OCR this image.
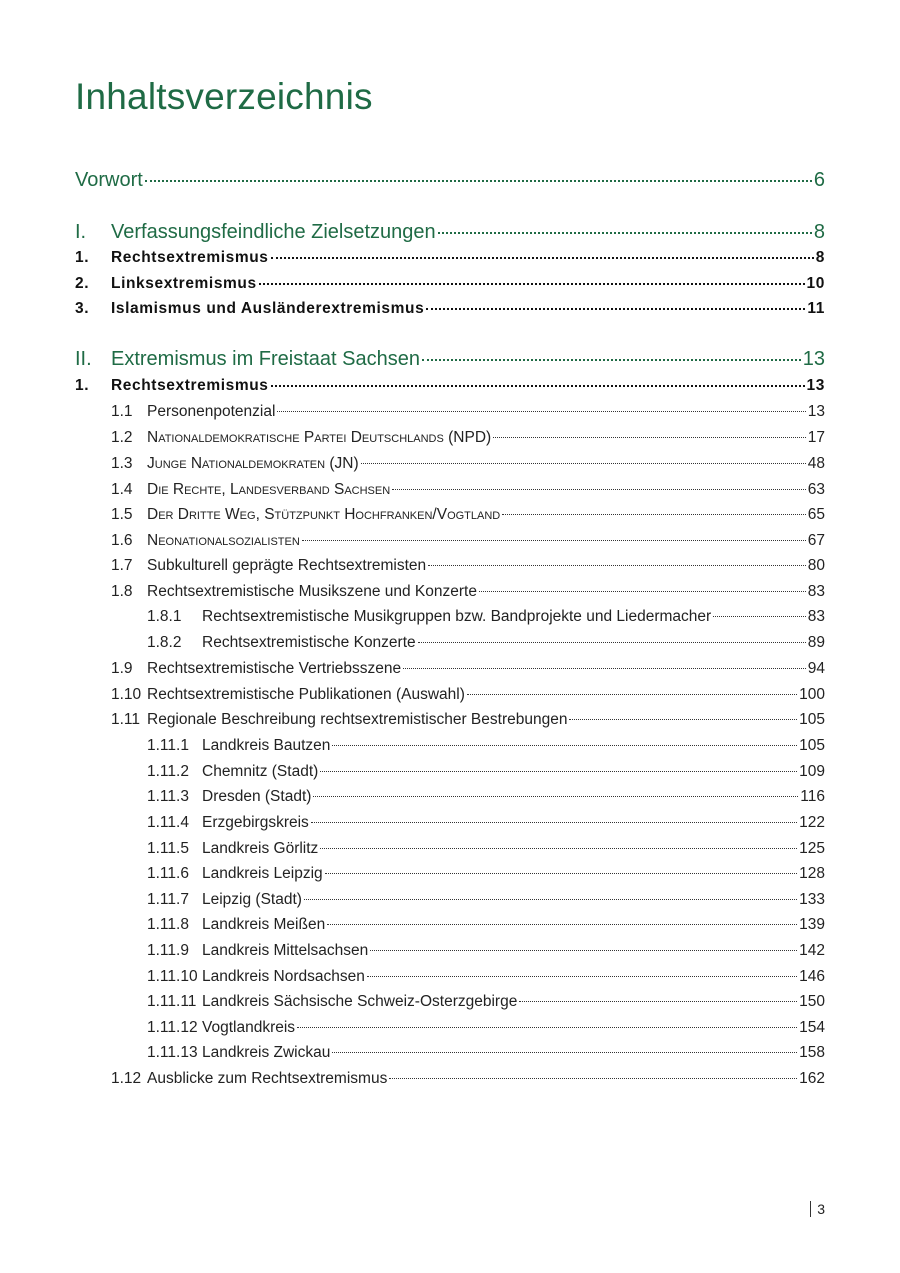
Inhaltsverzeichnis
Vorwort	6
I.	Verfassungsfeindliche Zielsetzungen	8
1.	Rechtsextremismus	8
2.	Linksextremismus	10
3.	Islamismus und Ausländerextremismus	11
II. Extremismus im Freistaat Sachsen	13
1.	Rechtsextremismus	13
1.1 Personenpotenzial	13
1.2 Nationaldemokratische Partei Deutschlands (NPD)	17
1.3 Junge Nationaldemokraten (JN)	48
1.4 Die Rechte, Landesverband Sachsen	63
1.5 Der Dritte Weg, Stützpunkt Hochfranken/Vogtland	65
1.6 Neonationalsozialisten	67
1.7 Subkulturell geprägte Rechtsextremisten	80
1.8 Rechtsextremistische Musikszene und Konzerte	83
1.8.1	Rechtsextremistische Musikgruppen bzw. Bandprojekte und Liedermacher	83
1.8.2	Rechtsextremistische Konzerte	89
1.9 Rechtsextremistische Vertriebsszene	94
1.10 Rechtsextremistische Publikationen (Auswahl)	100
1.11 Regionale Beschreibung rechtsextremistischer Bestrebungen	105
1.11.1 Landkreis Bautzen	105
1.11.2 Chemnitz (Stadt)	109
1.11.3 Dresden (Stadt)	116
1.11.4 Erzgebirgskreis	122
1.11.5 Landkreis Görlitz	125
1.11.6 Landkreis Leipzig	128
1.11.7 Leipzig (Stadt)	133
1.11.8 Landkreis Meißen	139
1.11.9 Landkreis Mittelsachsen	142
1.11.10 Landkreis Nordsachsen	146
1.11.11 Landkreis Sächsische Schweiz-Osterzgebirge	150
1.11.12 Vogtlandkreis	154
1.11.13 Landkreis Zwickau	158
1.12 Ausblicke zum Rechtsextremismus	162
3
